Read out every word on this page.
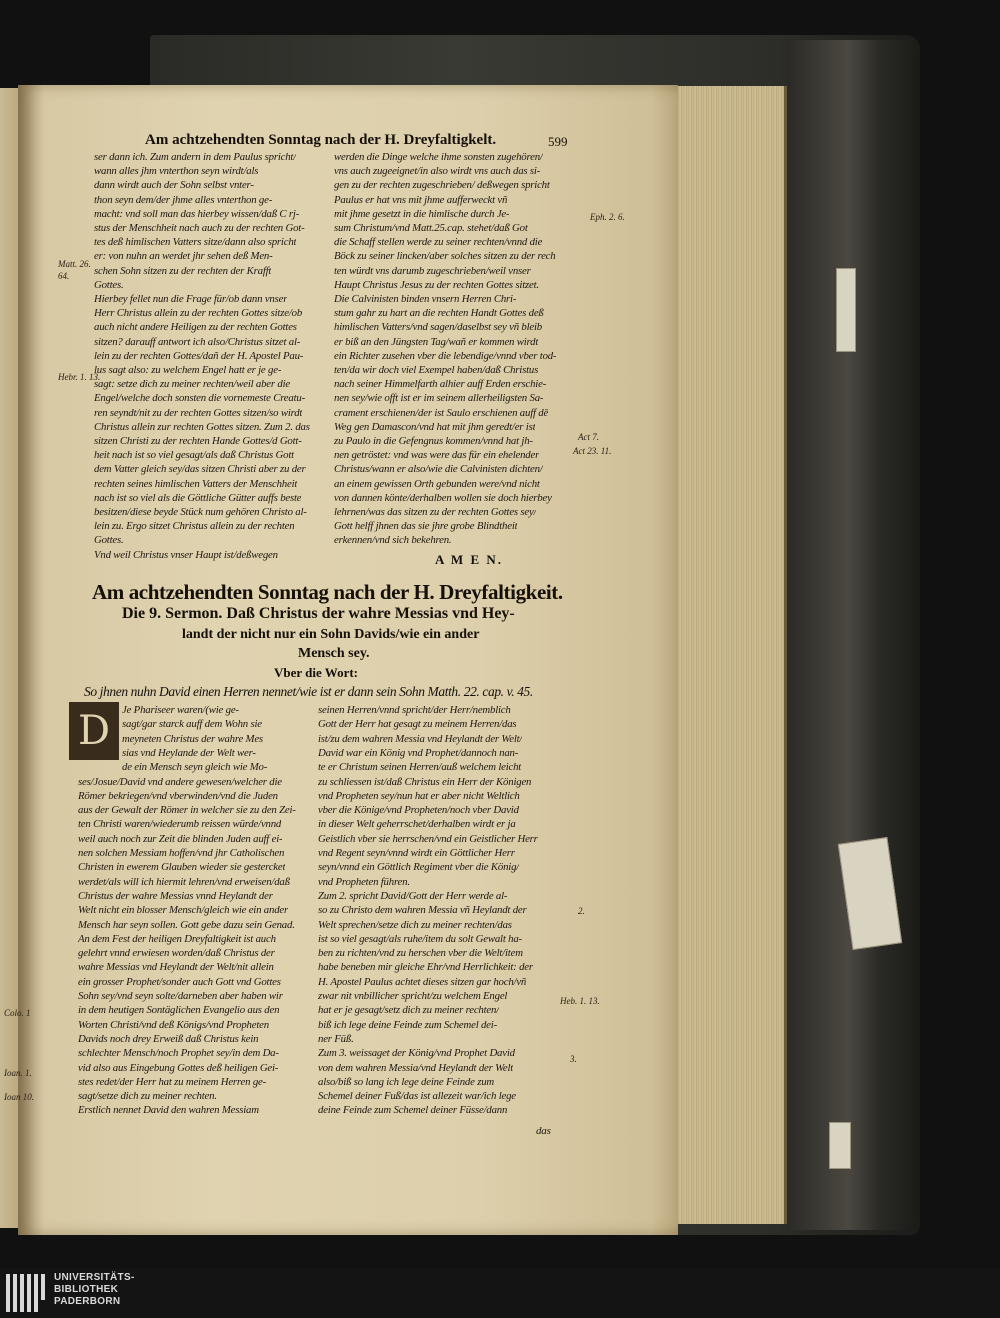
Colo. 1
Ioan. 1.
Ioan 10.
Am achtzehendten Sonntag nach der H. Dreyfaltigkelt.	599
ser dann ich. Zum andern in dem Paulus spricht/
wann alles jhm vnterthon seyn wirdt/als
dann wirdt auch der Sohn selbst vnter-
thon seyn dem/der jhme alles vnterthon ge-
macht: vnd soll man das hierbey wissen/daß C rj-
stus der Menschheit nach auch zu der rechten Got-
tes deß himlischen Vatters sitze/dann also spricht
er: von nuhn an werdet jhr sehen deß Men-
schen Sohn sitzen zu der rechten der Krafft
Gottes.
Hierbey fellet nun die Frage für/ob dann vnser
Herr Christus allein zu der rechten Gottes sitze/ob
auch nicht andere Heiligen zu der rechten Gottes
sitzen? darauff antwort ich also/Christus sitzet al-
lein zu der rechten Gottes/dañ der H. Apostel Pau-
lus sagt also: zu welchem Engel hatt er je ge-
sagt: setze dich zu meiner rechten/weil aber die
Engel/welche doch sonsten die vornemeste Creatu-
ren seyndt/nit zu der rechten Gottes sitzen/so wirdt
Christus allein zur rechten Gottes sitzen. Zum 2. das
sitzen Christi zu der rechten Hande Gottes/d Gott-
heit nach ist so viel gesagt/als daß Christus Gott
dem Vatter gleich sey/das sitzen Christi aber zu der
rechten seines himlischen Vatters der Menschheit
nach ist so viel als die Göttliche Gütter auffs beste
besitzen/diese beyde Stück num gehören Christo al-
lein zu. Ergo sitzet Christus allein zu der rechten
Gottes.
Vnd weil Christus vnser Haupt ist/deßwegen
werden die Dinge welche ihme sonsten zugehören/
vns auch zugeeignet/in also wirdt vns auch das si-
gen zu der rechten zugeschrieben/ deßwegen spricht
Paulus er hat vns mit jhme aufferweckt vñ
mit jhme gesetzt in die himlische durch Je-
sum Christum/vnd Matt.25.cap. stehet/daß Got
die Schaff stellen werde zu seiner rechten/vnnd die
Böck zu seiner lincken/aber solches sitzen zu der rech
ten würdt vns darumb zugeschrieben/weil vnser
Haupt Christus Jesus zu der rechten Gottes sitzet.
Die Calvinisten binden vnsern Herren Chri-
stum gahr zu hart an die rechten Handt Gottes deß
himlischen Vatters/vnd sagen/daselbst sey vñ bleib
er biß an den Jüngsten Tag/wañ er kommen wirdt
ein Richter zusehen vber die lebendige/vnnd vber tod-
ten/da wir doch viel Exempel haben/daß Christus
nach seiner Himmelfarth alhier auff Erden erschie-
nen sey/wie offt ist er im seinem allerheiligsten Sa-
crament erschienen/der ist Saulo erschienen auff dē
Weg gen Damascon/vnd hat mit jhm geredt/er ist
zu Paulo in die Gefengnus kommen/vnnd hat jh-
nen getröstet: vnd was were das für ein ehelender
Christus/wann er also/wie die Calvinisten dichten/
an einem gewissen Orth gebunden were/vnd nicht
von dannen könte/derhalben wollen sie doch hierbey
lehrnen/was das sitzen zu der rechten Gottes sey/
Gott helff jhnen das sie jhre grobe Blindtheit
erkennen/vnd sich bekehren.
A M E N.
Am achtzehendten Sonntag nach der H. Dreyfaltigkeit.
Die 9. Sermon. Daß Christus der wahre Messias vnd Hey-
landt der nicht nur ein Sohn Davids/wie ein ander
Mensch sey.
Vber die Wort:
So jhnen nuhn David einen Herren nennet/wie ist er dann sein Sohn Matth. 22. cap. v. 45.
D	Je Phariseer waren/(wie ge-
sagt/gar starck auff dem Wohn sie
meyneten Christus der wahre Mes
sias vnd Heylande der Welt wer-
de ein Mensch seyn gleich wie Mo-
ses/Josue/David vnd andere gewesen/welcher die
Römer bekriegen/vnd vberwinden/vnd die Juden
aus der Gewalt der Römer in welcher sie zu den Zei-
ten Christi waren/wiederumb reissen würde/vnnd
weil auch noch zur Zeit die blinden Juden auff ei-
nen solchen Messiam hoffen/vnd jhr Catholischen
Christen in ewerem Glauben wieder sie gestercket
werdet/als will ich hiermit lehren/vnd erweisen/daß
Christus der wahre Messias vnnd Heylandt der
Welt nicht ein blosser Mensch/gleich wie ein ander
Mensch har seyn sollen. Gott gebe dazu sein Genad.
An dem Fest der heiligen Dreyfaltigkeit ist auch
gelehrt vnnd erwiesen worden/daß Christus der
wahre Messias vnd Heylandt der Welt/nit allein
ein grosser Prophet/sonder auch Gott vnd Gottes
Sohn sey/vnd seyn solte/darneben aber haben wir
in dem heutigen Sontäglichen Evangelio aus den
Worten Christi/vnd deß Königs/vnd Propheten
Davids noch drey Erweiß daß Christus kein
schlechter Mensch/noch Prophet sey/in dem Da-
vid also aus Eingebung Gottes deß heiligen Gei-
stes redet/der Herr hat zu meinem Herren ge-
sagt/setze dich zu meiner rechten.
Erstlich nennet David den wahren Messiam
seinen Herren/vnnd spricht/der Herr/nemblich
Gott der Herr hat gesagt zu meinem Herren/das
ist/zu dem wahren Messia vnd Heylandt der Welt/
David war ein König vnd Prophet/dannoch nan-
te er Christum seinen Herren/auß welchem leicht
zu schliessen ist/daß Christus ein Herr der Königen
vnd Propheten sey/nun hat er aber nicht Weltlich
vber die Könige/vnd Propheten/noch vber David
in dieser Welt geherrschet/derhalben wirdt er ja
Geistlich vber sie herrschen/vnd ein Geistlicher Herr
vnd Regent seyn/vnnd wirdt ein Göttlicher Herr
seyn/vnnd ein Göttlich Regiment vber die König/
vnd Propheten führen.
Zum 2. spricht David/Gott der Herr werde al-
so zu Christo dem wahren Messia vñ Heylandt der
Welt sprechen/setze dich zu meiner rechten/das
ist so viel gesagt/als ruhe/item du solt Gewalt ha-
ben zu richten/vnd zu herschen vber die Welt/item
habe beneben mir gleiche Ehr/vnd Herrlichkeit: der
H. Apostel Paulus achtet dieses sitzen gar hoch/vñ
zwar nit vnbillicher spricht/zu welchem Engel
hat er je gesagt/setz dich zu meiner rechten/
biß ich lege deine Feinde zum Schemel dei-
ner Füß.
Zum 3. weissaget der König/vnd Prophet David
von dem wahren Messia/vnd Heylandt der Welt
also/biß so lang ich lege deine Feinde zum
Schemel deiner Fuß/das ist allezeit war/ich lege
deine Feinde zum Schemel deiner Füsse/dann
das
Matt. 26. 64.
Hebr. 1. 13.
Eph. 2. 6.
Act 7.
Act 23. 11.
2.
Heb. 1. 13.
3.
UNIVERSITÄTS-
BIBLIOTHEK
PADERBORN
